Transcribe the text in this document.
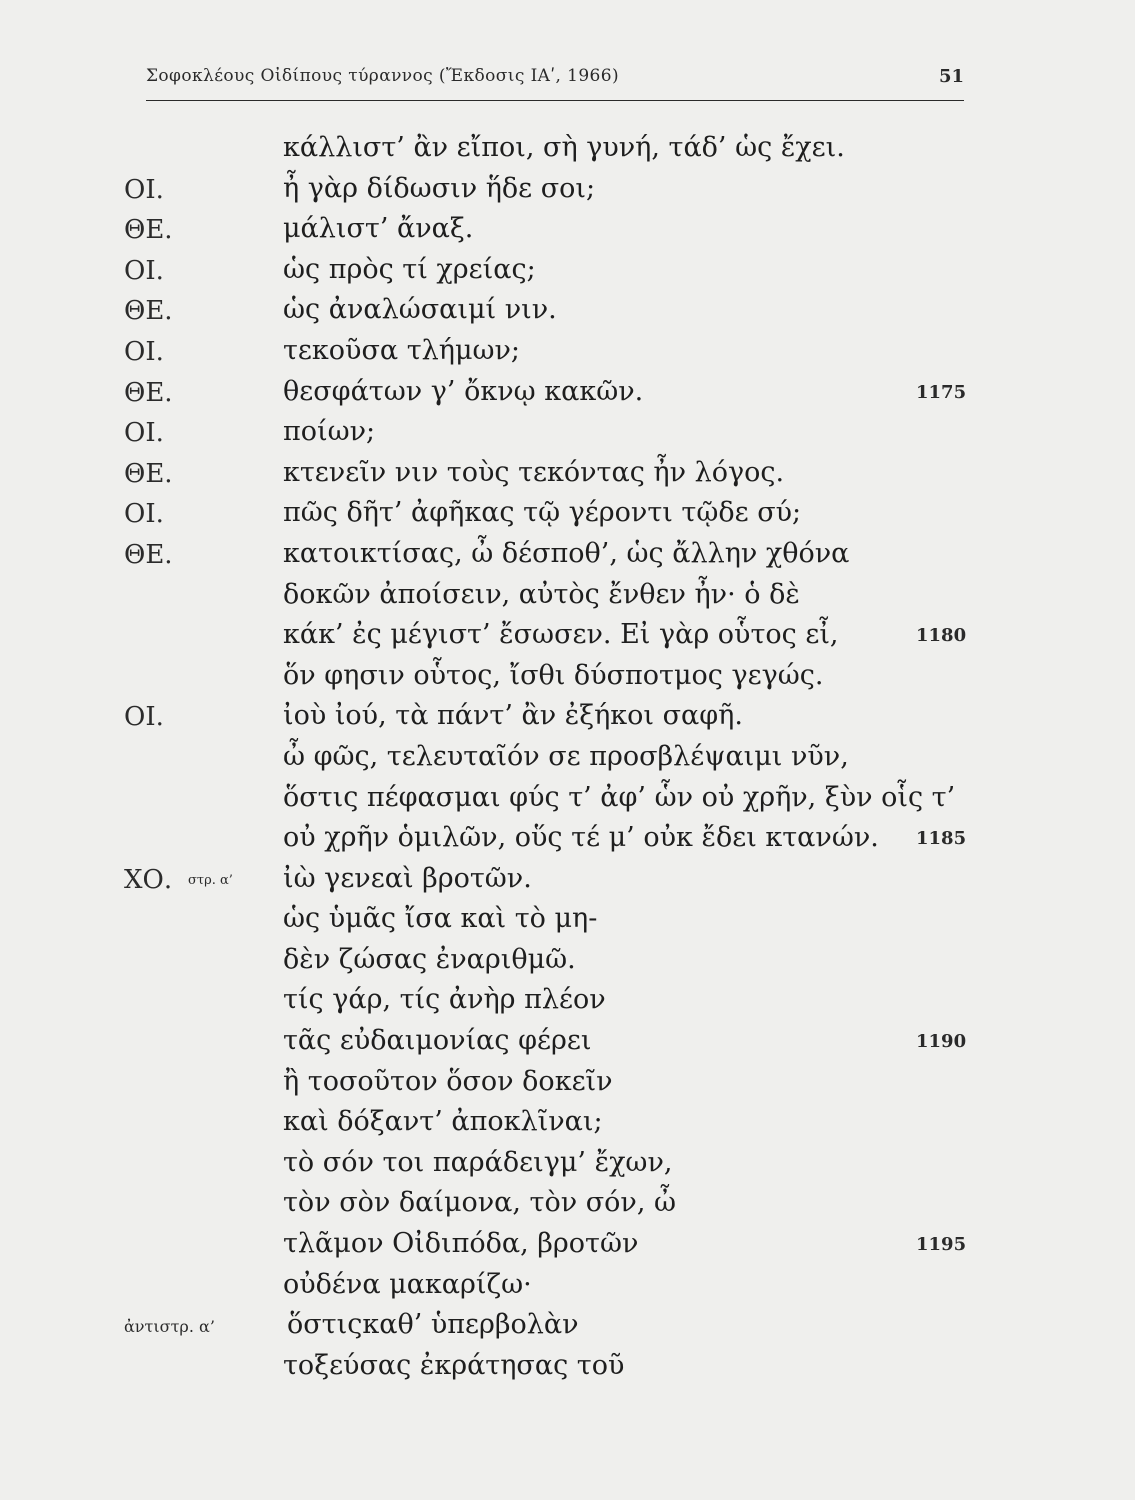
Σοφοκλέους Οἰδίπους τύραννος (Ἔκδοσις ΙΑʹ, 1966)	51
κάλλιστ’ ἂν εἴποι, σὴ γυνή, τάδ’ ὡς ἔχει.
ΟΙ.	ἦ γὰρ δίδωσιν ἥδε σοι;
ΘΕ.	μάλιστ’ ἄναξ.
ΟΙ.	ὡς πρὸς τί χρείας;
ΘΕ.	ὡς ἀναλώσαιμί νιν.
ΟΙ.	τεκοῦσα τλήμων;
ΘΕ.	θεσφάτων γ’ ὄκνῳ κακῶν.	1175
ΟΙ.	ποίων;
ΘΕ.	κτενεῖν νιν τοὺς τεκόντας ἦν λόγος.
ΟΙ.	πῶς δῆτ’ ἀφῆκας τῷ γέροντι τῷδε σύ;
ΘΕ.	κατοικτίσας, ὦ δέσποθ’, ὡς ἄλλην χθόνα
δοκῶν ἀποίσειν, αὐτὸς ἔνθεν ἦν· ὁ δὲ
κάκ’ ἐς μέγιστ’ ἔσωσεν. Εἰ γὰρ οὗτος εἶ,	1180
ὅν φησιν οὗτος, ἴσθι δύσποτμος γεγώς.
ΟΙ.	ἰοὺ ἰού, τὰ πάντ’ ἂν ἐξήκοι σαφῆ.
ὦ φῶς, τελευταῖόν σε προσβλέψαιμι νῦν,
ὅστις πέφασμαι φύς τ’ ἀφ’ ὧν οὐ χρῆν, ξὺν οἷς τ’
οὐ χρῆν ὁμιλῶν, οὕς τέ μ’ οὐκ ἔδει κτανών. 1185
ΧΟ. στρ. α’ ἰὼ γενεαὶ βροτῶν.
ὡς ὑμᾶς ἴσα καὶ τὸ μη-
δὲν ζώσας ἐναριθμῶ.
τίς γάρ, τίς ἀνὴρ πλέον
τᾶς εὐδαιμονίας φέρει	1190
ἢ τοσοῦτον ὅσον δοκεῖν
καὶ δόξαντ’ ἀποκλῖναι;
τὸ σόν τοι παράδειγμ’ ἔχων,
τὸν σὸν δαίμονα, τὸν σόν, ὦ
τλᾶμον Οἰδιπόδα, βροτῶν	1195
οὐδένα μακαρίζω·
ἀντιστρ. α’	ὅστιςκαθ’ ὑπερβολὰν
τοξεύσας ἐκράτησας τοῦ
